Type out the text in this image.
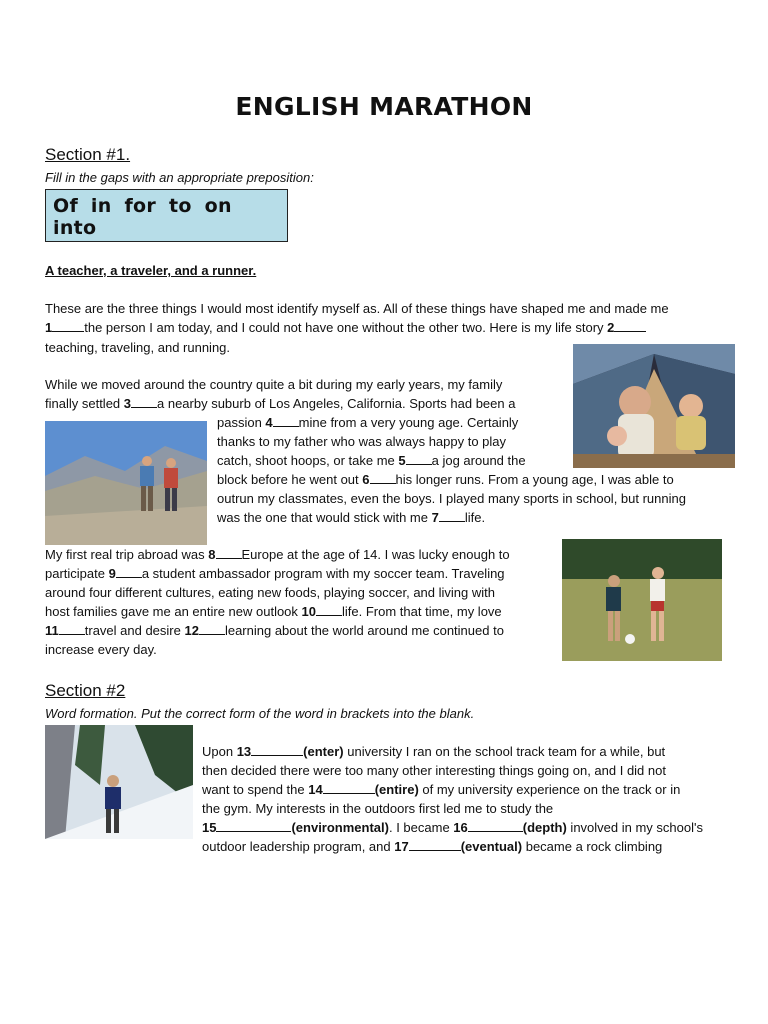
ENGLISH MARATHON
Section #1.
Fill in the gaps with an appropriate preposition:
Of in for to on into
A teacher, a traveler, and a runner.
These are the three things I would most identify myself as. All of these things have shaped me and made me
1 the person I am today, and I could not have one without the other two. Here is my life story 2
teaching, traveling, and running.
While we moved around the country quite a bit during my early years, my family
finally settled 3 a nearby suburb of Los Angeles, California. Sports had been a
passion 4 mine from a very young age. Certainly
thanks to my father who was always happy to play
catch, shoot hoops, or take me 5 a jog around the
block before he went out 6 his longer runs. From a young age, I was able to
outrun my classmates, even the boys. I played many sports in school, but running
was the one that would stick with me 7 life.
My first real trip abroad was 8 Europe at the age of 14. I was lucky enough to
participate 9 a student ambassador program with my soccer team. Traveling
around four different cultures, eating new foods, playing soccer, and living with
host families gave me an entire new outlook 10 life. From that time, my love
11 travel and desire 12 learning about the world around me continued to
increase every day.
Section #2
Word formation. Put the correct form of the word in brackets into the blank.
Upon 13	(enter) university I ran on the school track team for a while, but
then decided there were too many other interesting things going on, and I did not
want to spend the 14	(entire) of my university experience on the track or in
the gym. My interests in the outdoors first led me to study the
15	(environmental). I became 16	(depth) involved in my school's
outdoor leadership program, and 17	(eventual) became a rock climbing
